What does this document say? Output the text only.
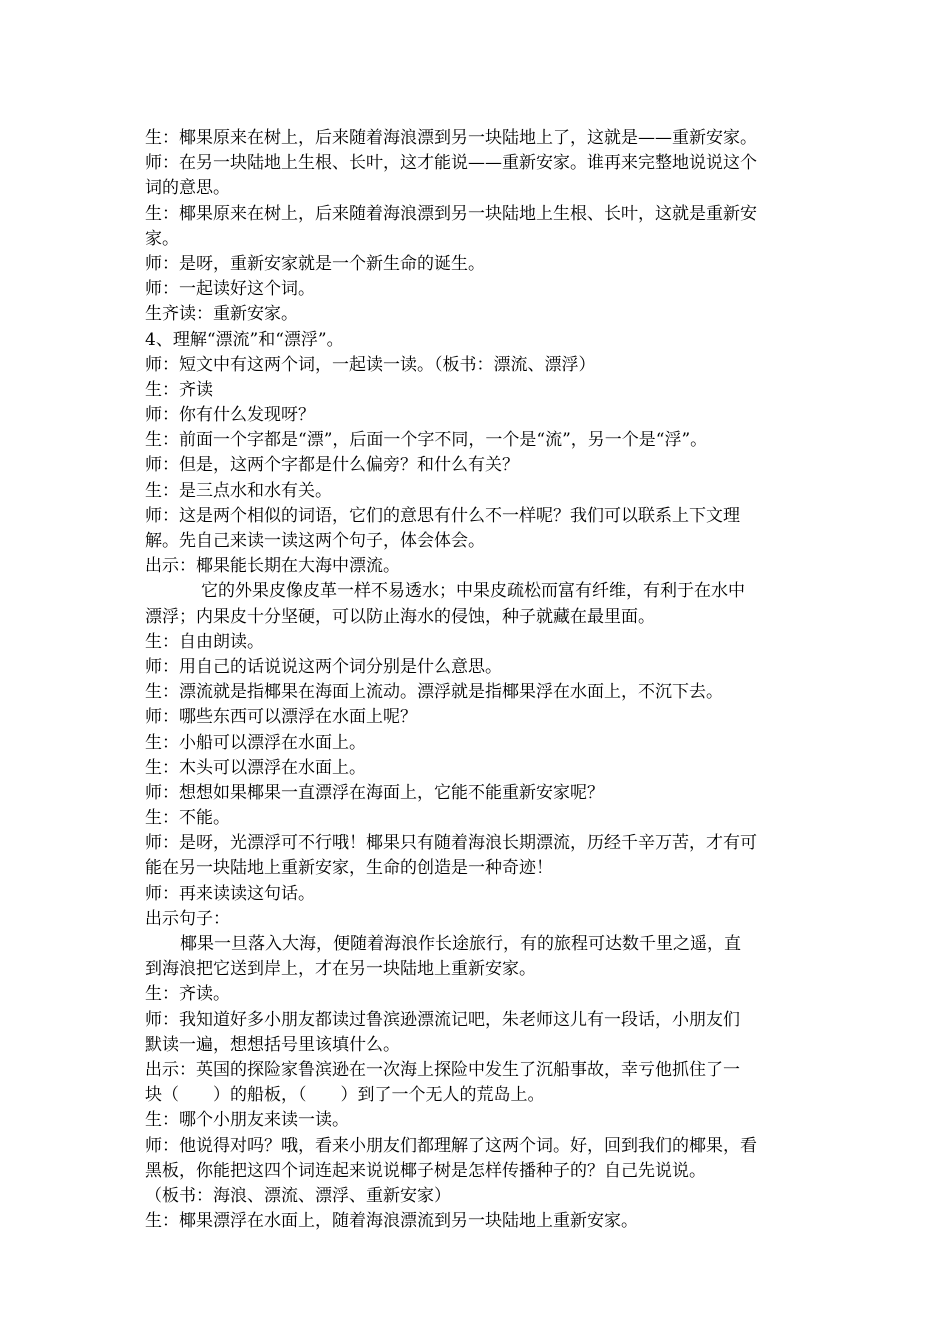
生：椰果原来在树上，后来随着海浪漂到另一块陆地上了，这就是——重新安家。
师：在另一块陆地上生根、长叶，这才能说——重新安家。谁再来完整地说说这个
词的意思。
生：椰果原来在树上，后来随着海浪漂到另一块陆地上生根、长叶，这就是重新安
家。
师：是呀，重新安家就是一个新生命的诞生。
师：一起读好这个词。
生齐读：重新安家。
4、理解“漂流”和“漂浮”。
师：短文中有这两个词，一起读一读。（板书：漂流、漂浮）
生：齐读
师：你有什么发现呀？
生：前面一个字都是“漂”，后面一个字不同，一个是“流”，另一个是“浮”。
师：但是，这两个字都是什么偏旁？和什么有关？
生：是三点水和水有关。
师：这是两个相似的词语，它们的意思有什么不一样呢？我们可以联系上下文理
解。先自己来读一读这两个句子，体会体会。
出示：椰果能长期在大海中漂流。
它的外果皮像皮革一样不易透水；中果皮疏松而富有纤维，有利于在水中
漂浮；内果皮十分坚硬，可以防止海水的侵蚀，种子就藏在最里面。
生：自由朗读。
师：用自己的话说说这两个词分别是什么意思。
生：漂流就是指椰果在海面上流动。漂浮就是指椰果浮在水面上，不沉下去。
师：哪些东西可以漂浮在水面上呢？
生：小船可以漂浮在水面上。
生：木头可以漂浮在水面上。
师：想想如果椰果一直漂浮在海面上，它能不能重新安家呢？
生：不能。
师：是呀，光漂浮可不行哦！椰果只有随着海浪长期漂流，历经千辛万苦，才有可
能在另一块陆地上重新安家，生命的创造是一种奇迹！
师：再来读读这句话。
出示句子：
椰果一旦落入大海，便随着海浪作长途旅行，有的旅程可达数千里之遥，直
到海浪把它送到岸上，才在另一块陆地上重新安家。
生：齐读。
师：我知道好多小朋友都读过鲁滨逊漂流记吧，朱老师这儿有一段话，小朋友们
默读一遍，想想括号里该填什么。
出示：英国的探险家鲁滨逊在一次海上探险中发生了沉船事故，幸亏他抓住了一
块（　　）的船板，（　　）到了一个无人的荒岛上。
生：哪个小朋友来读一读。
师：他说得对吗？哦，看来小朋友们都理解了这两个词。好，回到我们的椰果，看
黑板，你能把这四个词连起来说说椰子树是怎样传播种子的？自己先说说。
（板书：海浪、漂流、漂浮、重新安家）
生：椰果漂浮在水面上，随着海浪漂流到另一块陆地上重新安家。
